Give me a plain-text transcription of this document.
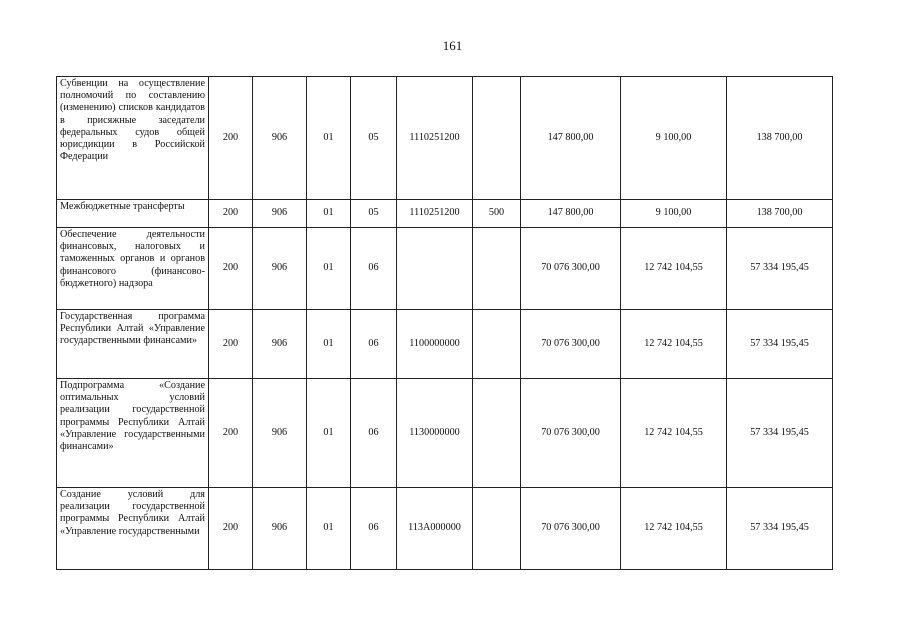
161
Субвенции на осуществление полномочий по составлению (изменению) списков кандидатов в присяжные заседатели федеральных судов общей юрисдикции в Российской Федерации	200	906	01	05	1110251200		147 800,00	9 100,00	138 700,00
Межбюджетные трансферты	200	906	01	05	1110251200	500	147 800,00	9 100,00	138 700,00
Обеспечение деятельности финансовых, налоговых и таможенных органов и органов финансового (финансово-бюджетного) надзора	200	906	01	06			70 076 300,00	12 742 104,55	57 334 195,45
Государственная программа Республики Алтай «Управление государственными финансами»	200	906	01	06	1100000000		70 076 300,00	12 742 104,55	57 334 195,45
Подпрограмма «Создание оптимальных условий реализации государственной программы Республики Алтай «Управление государственными финансами»	200	906	01	06	1130000000		70 076 300,00	12 742 104,55	57 334 195,45
Создание условий для реализации государственной программы Республики Алтай «Управление государственными	200	906	01	06	113А000000		70 076 300,00	12 742 104,55	57 334 195,45
